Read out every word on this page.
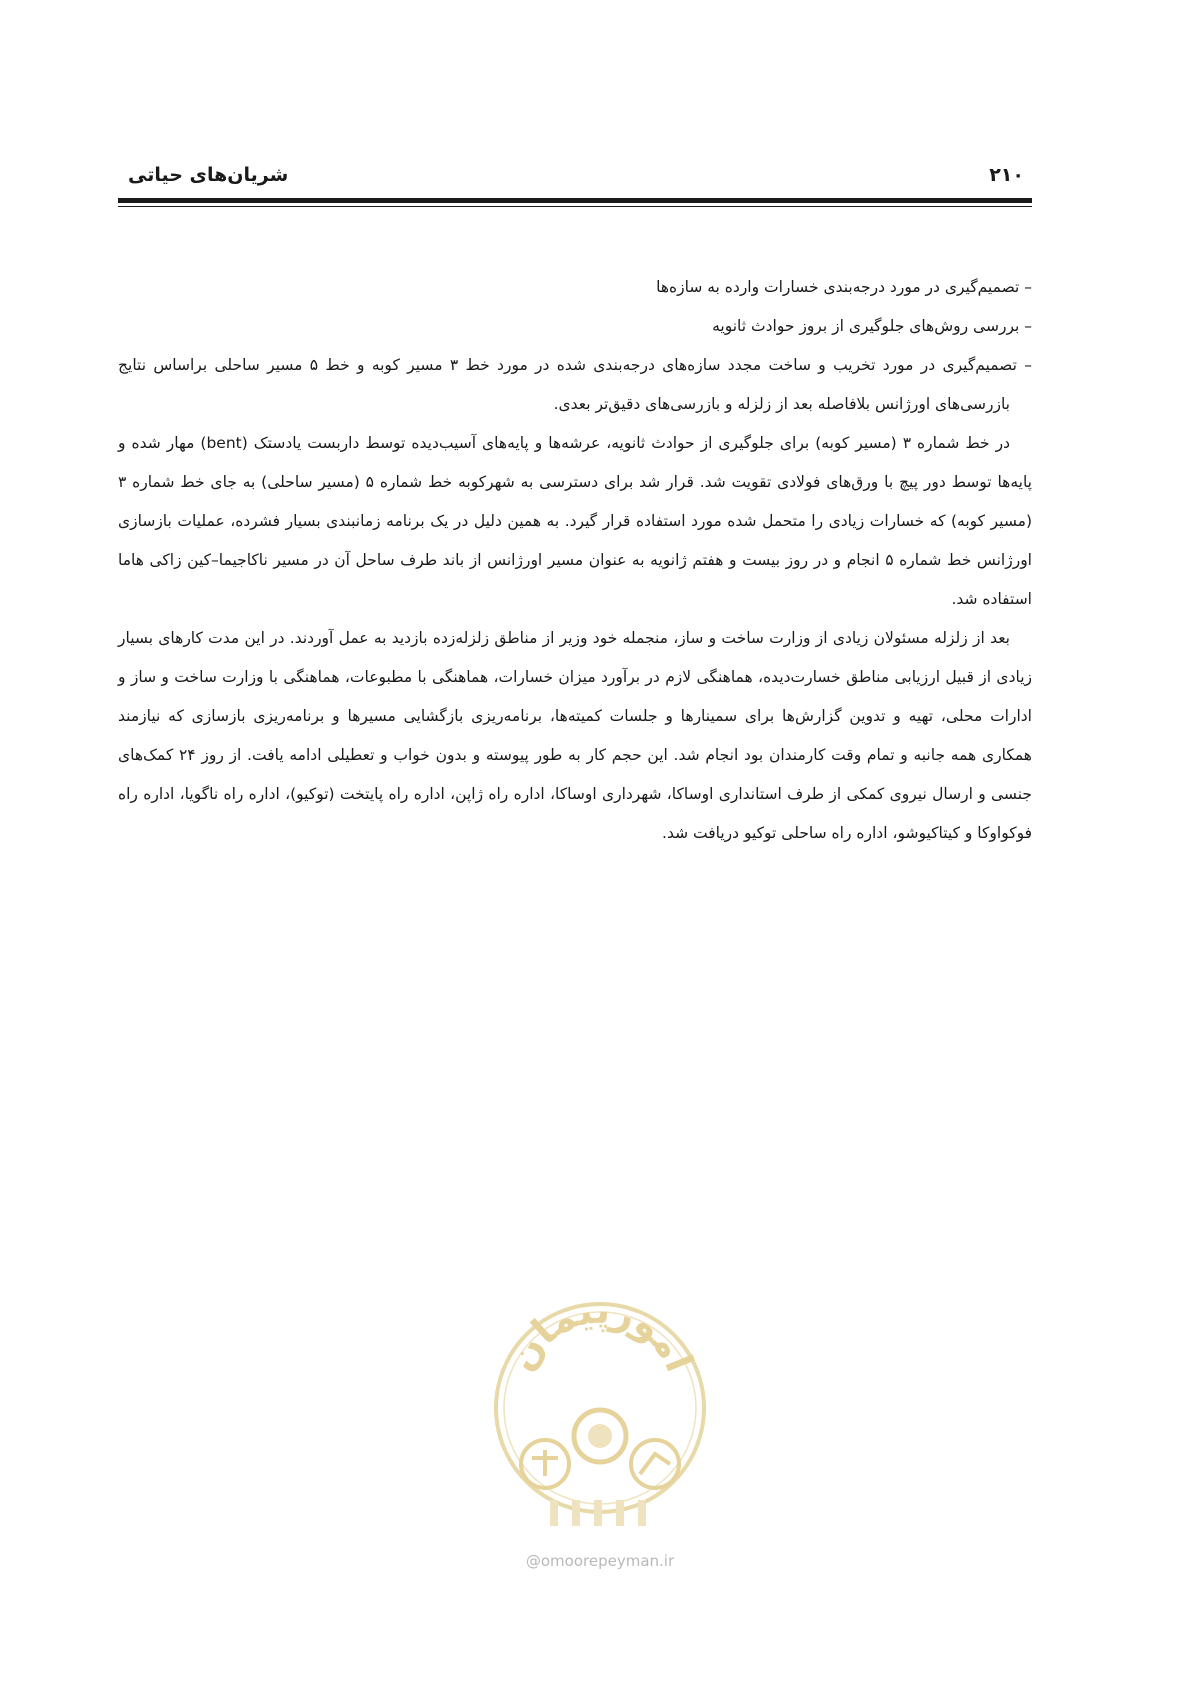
شریان‌های حیاتی	۲۱۰

– تصمیم‌گیری در مورد درجه‌بندی خسارات وارده به سازه‌ها

– بررسی روش‌های جلوگیری از بروز حوادث ثانویه

– تصمیم‌گیری در مورد تخریب و ساخت مجدد سازه‌های درجه‌بندی شده در مورد خط ۳ مسیر کوبه و خط ۵ مسیر ساحلی براساس نتایج بازرسی‌های اورژانس بلافاصله بعد از زلزله و بازرسی‌های دقیق‌تر بعدی.

در خط شماره ۳ (مسیر کوبه) برای جلوگیری از حوادث ثانویه، عرشه‌ها و پایه‌های آسیب‌دیده توسط داربست یادستک (bent) مهار شده و پایه‌ها توسط دور پیچ با ورق‌های فولادی تقویت شد. قرار شد برای دسترسی به شهرکوبه خط شماره ۵ (مسیر ساحلی) به جای خط شماره ۳ (مسیر کوبه) که خسارات زیادی را متحمل شده مورد استفاده قرار گیرد. به همین دلیل در یک برنامه زمانبندی بسیار فشرده، عملیات بازسازی اورژانس خط شماره ۵ انجام و در روز بیست و هفتم ژانویه به عنوان مسیر اورژانس از باند طرف ساحل آن در مسیر ناکاجیما–کین زاکی هاما استفاده شد.

بعد از زلزله مسئولان زیادی از وزارت ساخت و ساز، منجمله خود وزیر از مناطق زلزله‌زده بازدید به عمل آوردند. در این مدت کارهای بسیار زیادی از قبیل ارزیابی مناطق خسارت‌دیده، هماهنگی لازم در برآورد میزان خسارات، هماهنگی با مطبوعات، هماهنگی با وزارت ساخت و ساز و ادارات محلی، تهیه و تدوین گزارش‌ها برای سمینارها و جلسات کمیته‌ها، برنامه‌ریزی بازگشایی مسیرها و برنامه‌ریزی بازسازی که نیازمند همکاری همه جانبه و تمام وقت کارمندان بود انجام شد. این حجم کار به طور پیوسته و بدون خواب و تعطیلی ادامه یافت. از روز ۲۴ کمک‌های جنسی و ارسال نیروی کمکی از طرف استانداری اوساکا، شهرداری اوساکا، اداره راه ژاپن، اداره راه پایتخت (توکیو)، اداره راه ناگویا، اداره راه فوکواوکا و کیتاکیوشو، اداره راه ساحلی توکیو دریافت شد.

امورپیمان
@omoorepeyman.ir
